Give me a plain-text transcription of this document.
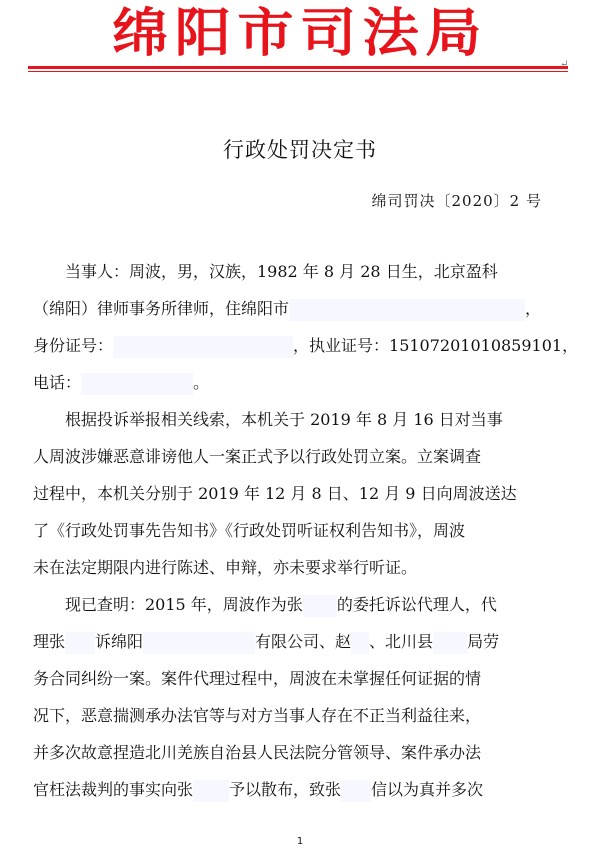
绵阳市司法局
↵
行政处罚决定书
绵司罚决〔2020〕2 号
当事人：周波，男，汉族，1982 年 8 月 28 日生，北京盈科
（绵阳）律师事务所律师，住绵阳市	，
身份证号：	，执业证号：15107201010859101，
电话：	。
根据投诉举报相关线索，本机关于 2019 年 8 月 16 日对当事
人周波涉嫌恶意诽谤他人一案正式予以行政处罚立案。立案调查
过程中，本机关分别于 2019 年 12 月 8 日、12 月 9 日向周波送达
了《行政处罚事先告知书》《行政处罚听证权利告知书》，周波
未在法定期限内进行陈述、申辩，亦未要求举行听证。
现已查明：2015 年，周波作为张 的委托诉讼代理人，代
理张 诉绵阳	有限公司、赵 、北川县 局劳
务合同纠纷一案。案件代理过程中，周波在未掌握任何证据的情
况下，恶意揣测承办法官等与对方当事人存在不正当利益往来，
并多次故意捏造北川羌族自治县人民法院分管领导、案件承办法
官枉法裁判的事实向张 予以散布，致张 信以为真并多次
1
